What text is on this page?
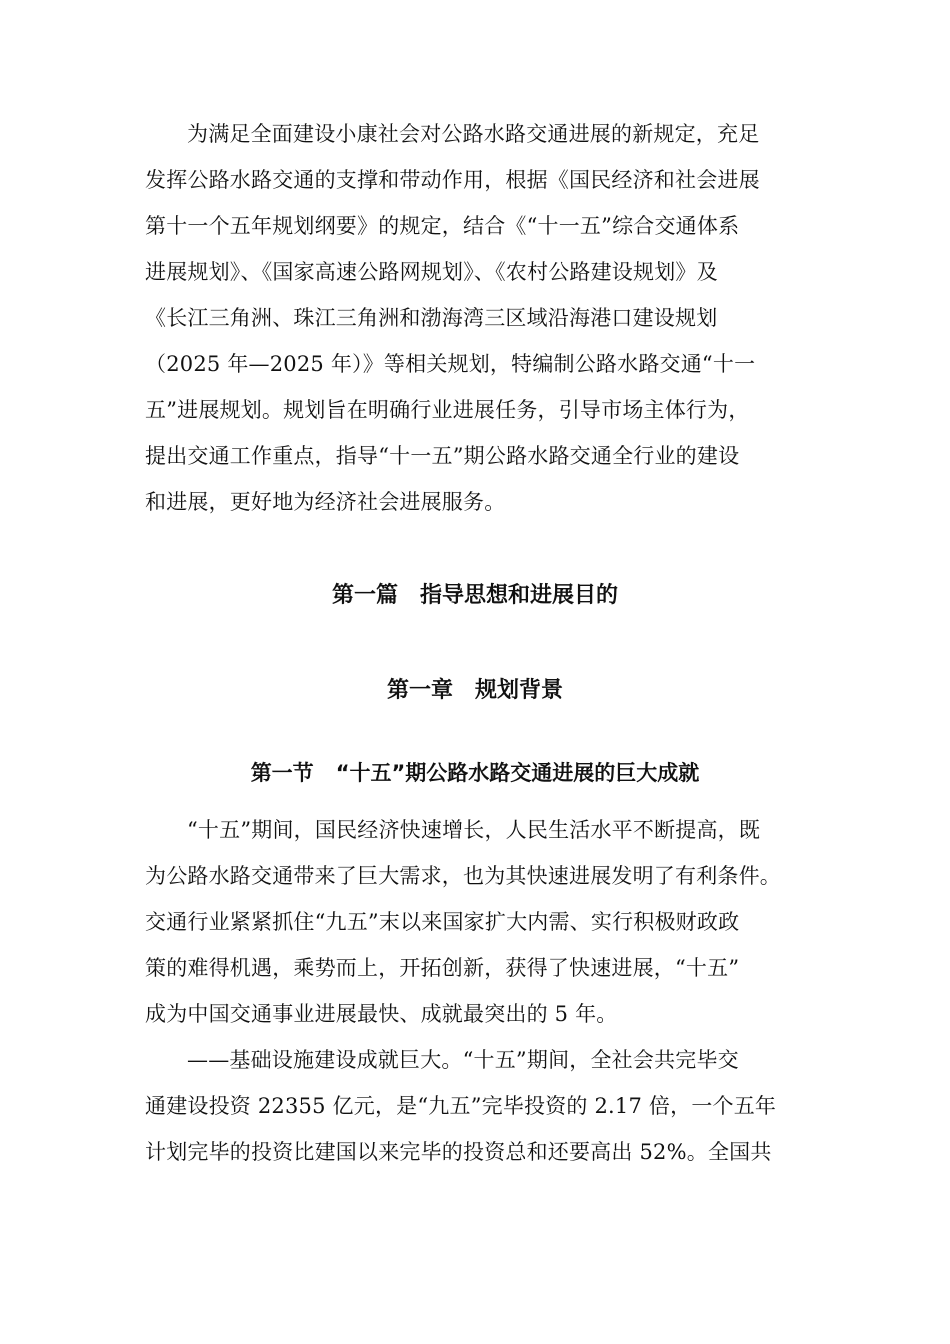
为满足全面建设小康社会对公路水路交通进展的新规定，充足
发挥公路水路交通的支撑和带动作用，根据《国民经济和社会进展
第十一个五年规划纲要》的规定，结合《“十一五”综合交通体系
进展规划》、《国家高速公路网规划》、《农村公路建设规划》及
《长江三角洲、珠江三角洲和渤海湾三区域沿海港口建设规划
（2025 年—2025 年）》等相关规划，特编制公路水路交通“十一
五”进展规划。规划旨在明确行业进展任务，引导市场主体行为，
提出交通工作重点，指导“十一五”期公路水路交通全行业的建设
和进展，更好地为经济社会进展服务。
第一篇 指导思想和进展目的
第一章 规划背景
第一节 “十五”期公路水路交通进展的巨大成就
“十五”期间，国民经济快速增长，人民生活水平不断提高，既
为公路水路交通带来了巨大需求，也为其快速进展发明了有利条件。
交通行业紧紧抓住“九五”末以来国家扩大内需、实行积极财政政
策的难得机遇，乘势而上，开拓创新，获得了快速进展，“十五”
成为中国交通事业进展最快、成就最突出的 5 年。
——基础设施建设成就巨大。“十五”期间，全社会共完毕交
通建设投资 22355 亿元，是“九五”完毕投资的 2.17 倍，一个五年
计划完毕的投资比建国以来完毕的投资总和还要高出 52%。全国共
